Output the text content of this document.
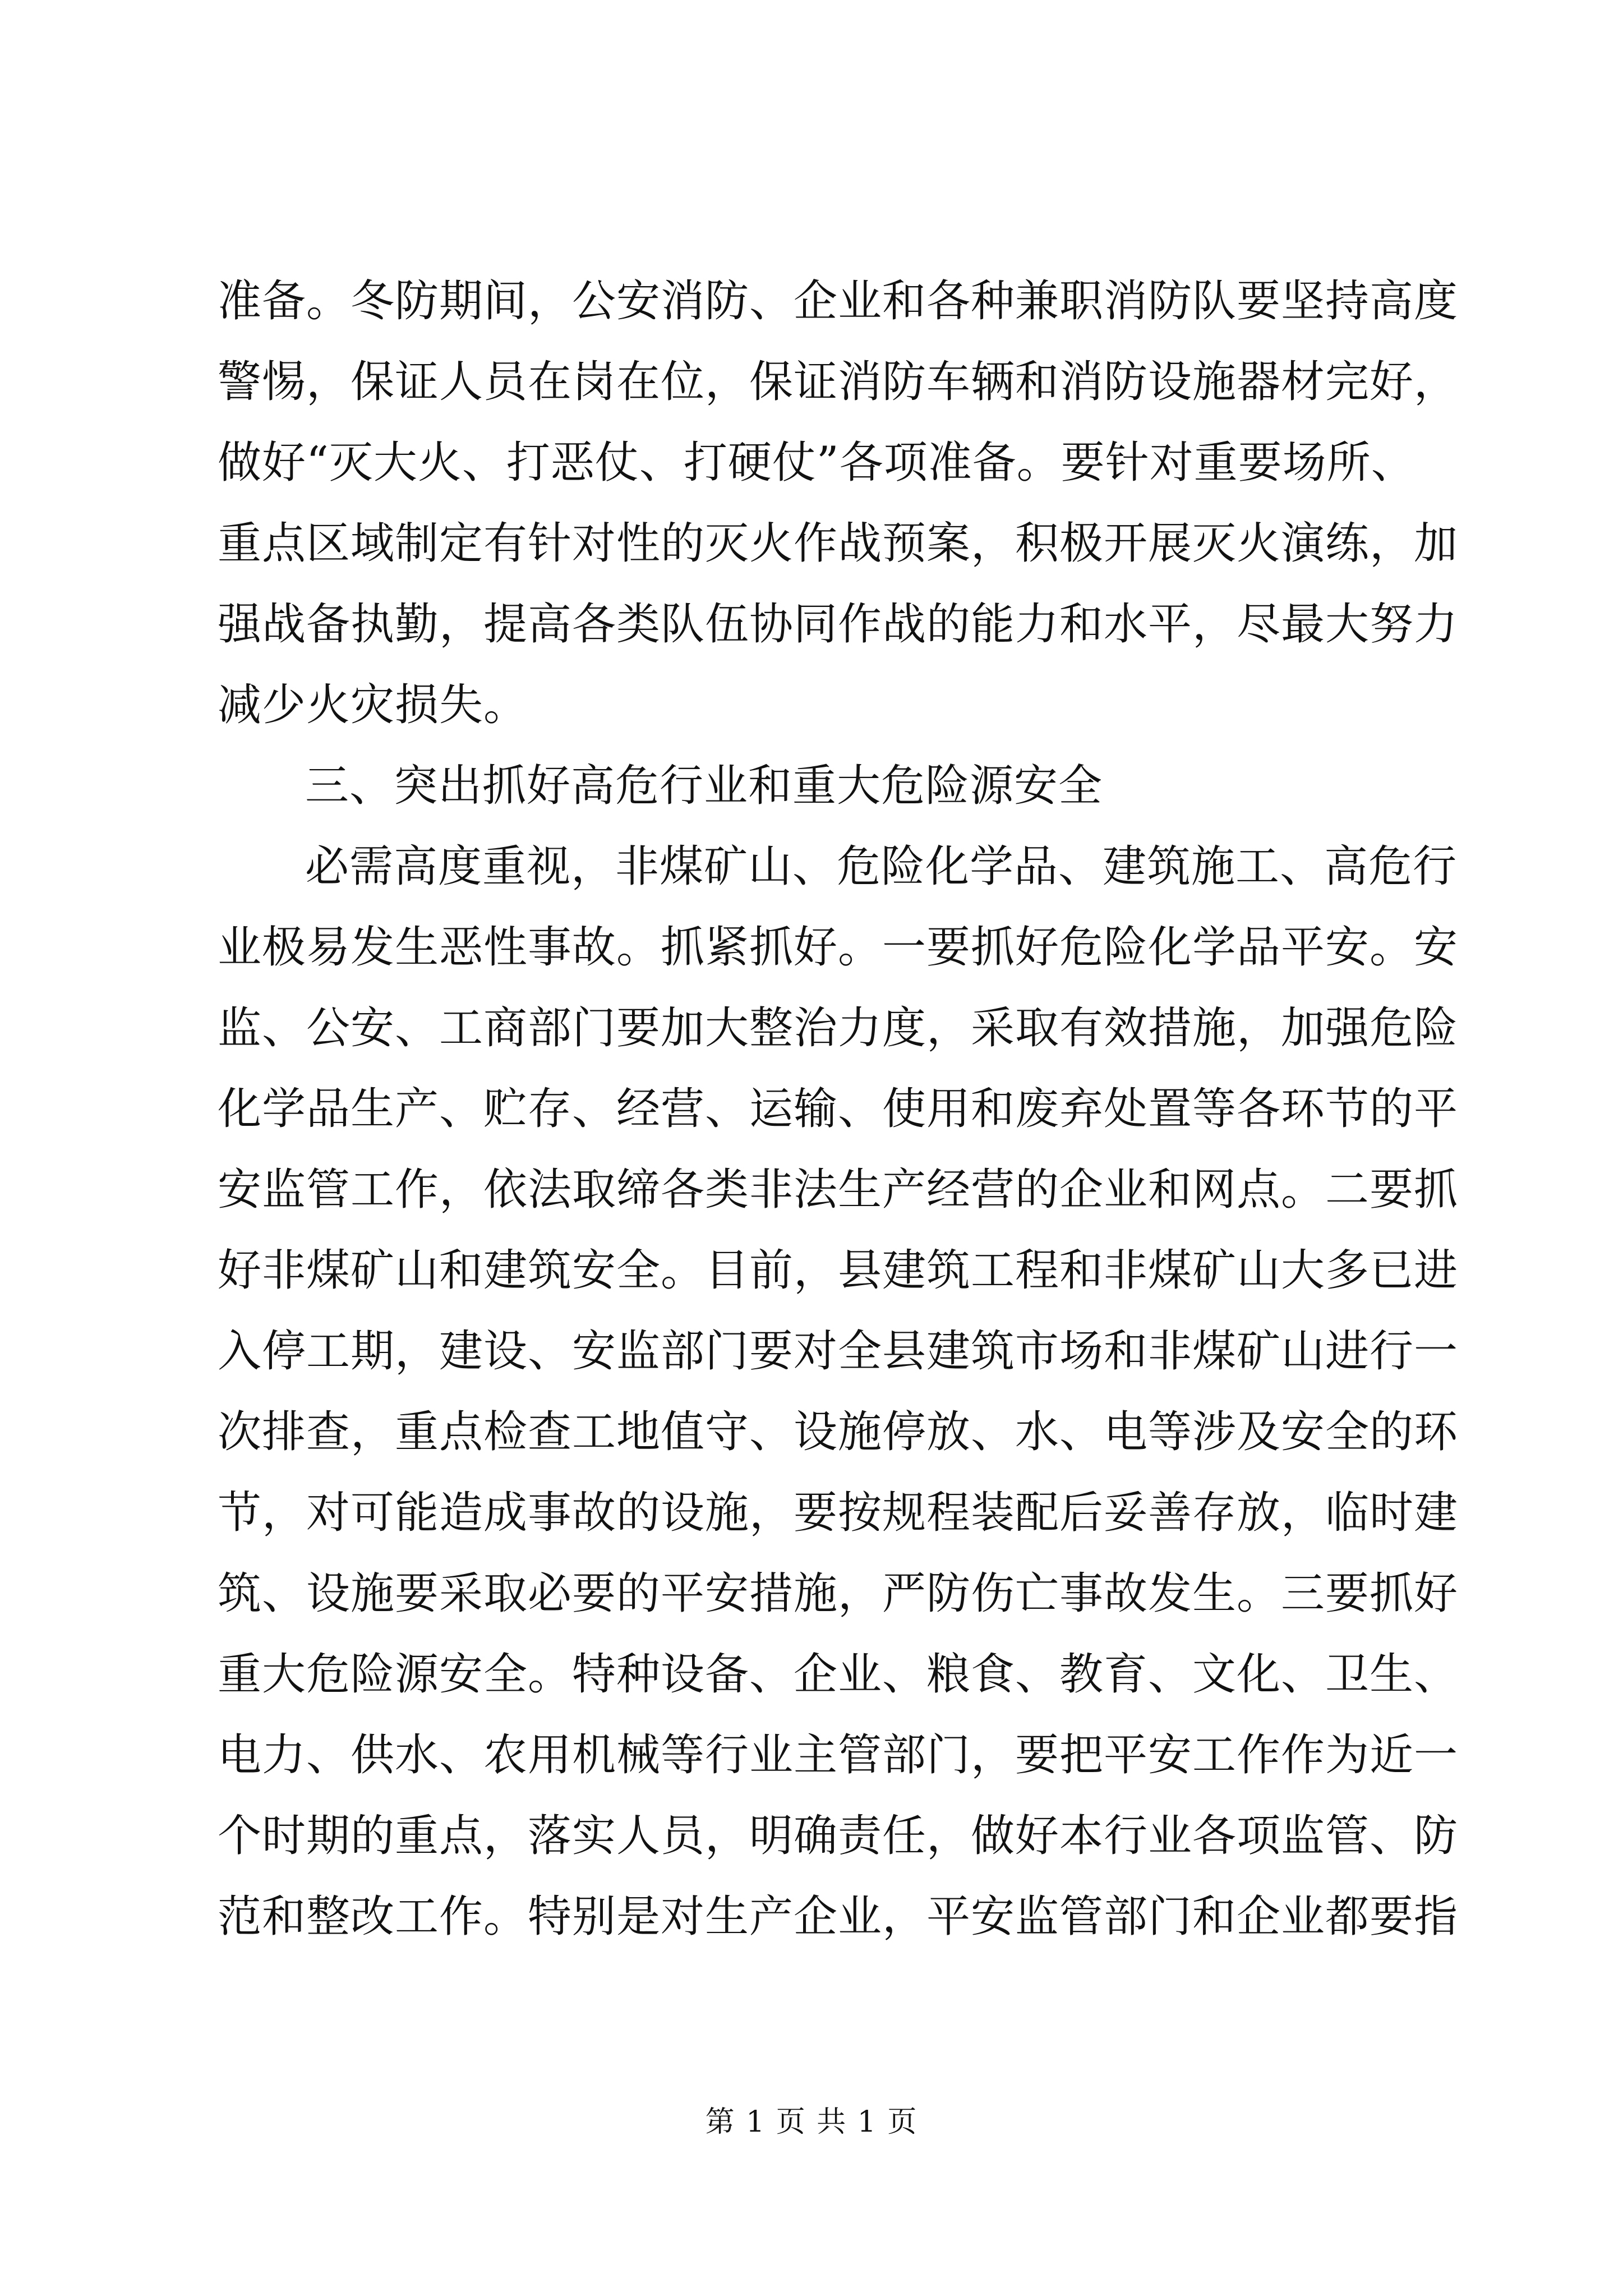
准备。冬防期间，公安消防、企业和各种兼职消防队要坚持高度
警惕，保证人员在岗在位，保证消防车辆和消防设施器材完好，
做好“灭大火、打恶仗、打硬仗”各项准备。要针对重要场所、
重点区域制定有针对性的灭火作战预案，积极开展灭火演练，加
强战备执勤，提高各类队伍协同作战的能力和水平，尽最大努力
减少火灾损失。
三、突出抓好高危行业和重大危险源安全
必需高度重视，非煤矿山、危险化学品、建筑施工、高危行
业极易发生恶性事故。抓紧抓好。一要抓好危险化学品平安。安
监、公安、工商部门要加大整治力度，采取有效措施，加强危险
化学品生产、贮存、经营、运输、使用和废弃处置等各环节的平
安监管工作，依法取缔各类非法生产经营的企业和网点。二要抓
好非煤矿山和建筑安全。目前，县建筑工程和非煤矿山大多已进
入停工期，建设、安监部门要对全县建筑市场和非煤矿山进行一
次排查，重点检查工地值守、设施停放、水、电等涉及安全的环
节，对可能造成事故的设施，要按规程装配后妥善存放，临时建
筑、设施要采取必要的平安措施，严防伤亡事故发生。三要抓好
重大危险源安全。特种设备、企业、粮食、教育、文化、卫生、
电力、供水、农用机械等行业主管部门，要把平安工作作为近一
个时期的重点，落实人员，明确责任，做好本行业各项监管、防
范和整改工作。特别是对生产企业，平安监管部门和企业都要指
第 1 页 共 1 页
